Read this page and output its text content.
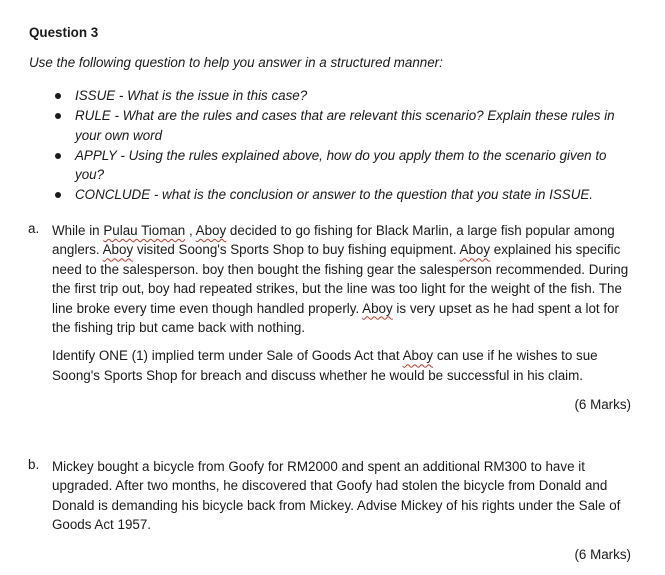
Question 3
Use the following question to help you answer in a structured manner:
ISSUE - What is the issue in this case?
RULE - What are the rules and cases that are relevant this scenario? Explain these rules in your own word
APPLY - Using the rules explained above, how do you apply them to the scenario given to you?
CONCLUDE - what is the conclusion or answer to the question that you state in ISSUE.
a. While in Pulau Tioman , Aboy decided to go fishing for Black Marlin, a large fish popular among anglers. Aboy visited Soong's Sports Shop to buy fishing equipment. Aboy explained his specific need to the salesperson. boy then bought the fishing gear the salesperson recommended. During the first trip out, boy had repeated strikes, but the line was too light for the weight of the fish. The line broke every time even though handled properly. Aboy is very upset as he had spent a lot for the fishing trip but came back with nothing.

Identify ONE (1) implied term under Sale of Goods Act that Aboy can use if he wishes to sue Soong's Sports Shop for breach and discuss whether he would be successful in his claim.

(6 Marks)
b. Mickey bought a bicycle from Goofy for RM2000 and spent an additional RM300 to have it upgraded. After two months, he discovered that Goofy had stolen the bicycle from Donald and Donald is demanding his bicycle back from Mickey. Advise Mickey of his rights under the Sale of Goods Act 1957.

(6 Marks)
